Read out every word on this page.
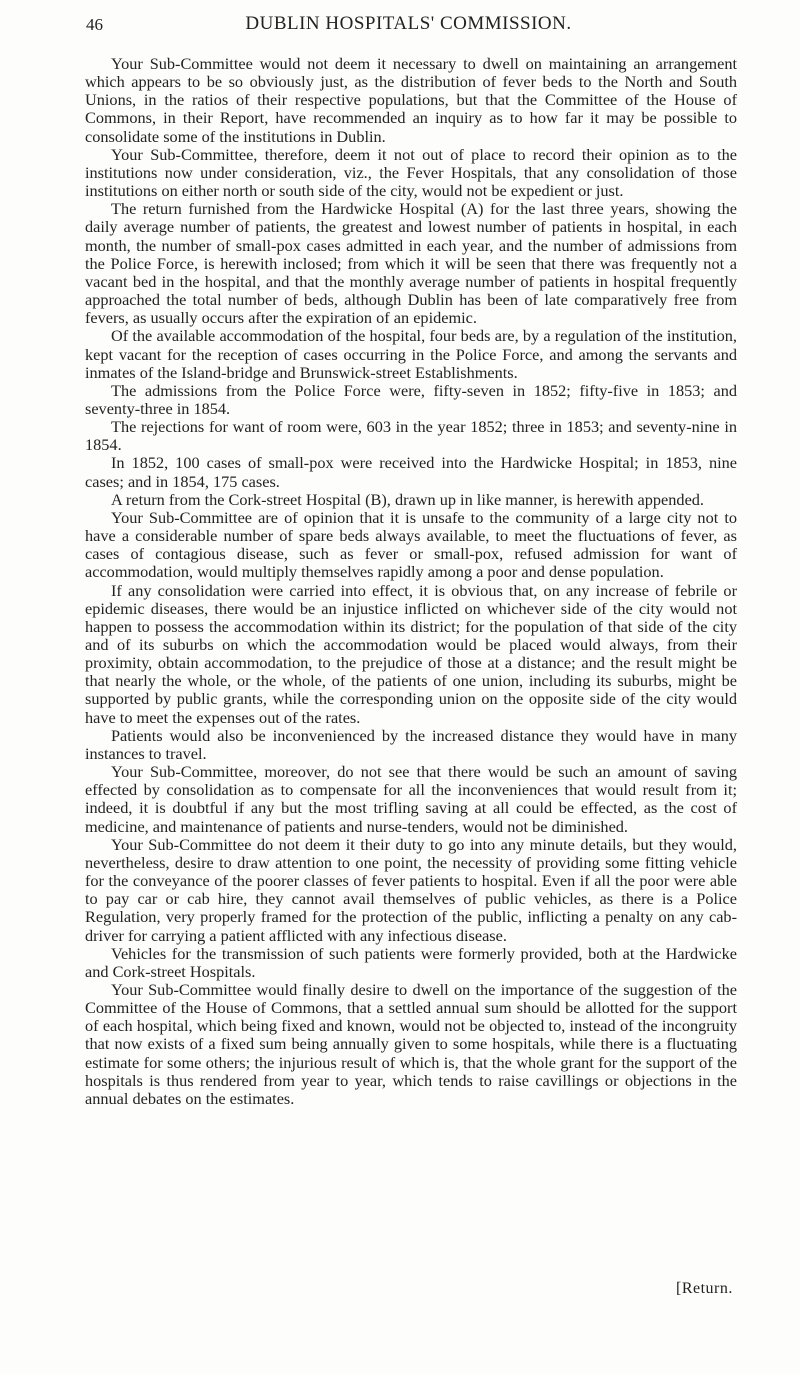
46	DUBLIN HOSPITALS' COMMISSION.

Your Sub-Committee would not deem it necessary to dwell on maintaining an arrangement which appears to be so obviously just, as the distribution of fever beds to the North and South Unions, in the ratios of their respective populations, but that the Committee of the House of Commons, in their Report, have recommended an inquiry as to how far it may be possible to consolidate some of the institutions in Dublin.

Your Sub-Committee, therefore, deem it not out of place to record their opinion as to the institutions now under consideration, viz., the Fever Hospitals, that any consolidation of those institutions on either north or south side of the city, would not be expedient or just.

The return furnished from the Hardwicke Hospital (A) for the last three years, showing the daily average number of patients, the greatest and lowest number of patients in hospital, in each month, the number of small-pox cases admitted in each year, and the number of admissions from the Police Force, is herewith inclosed; from which it will be seen that there was frequently not a vacant bed in the hospital, and that the monthly average number of patients in hospital frequently approached the total number of beds, although Dublin has been of late comparatively free from fevers, as usually occurs after the expiration of an epidemic.

Of the available accommodation of the hospital, four beds are, by a regulation of the institution, kept vacant for the reception of cases occurring in the Police Force, and among the servants and inmates of the Island-bridge and Brunswick-street Establishments.

The admissions from the Police Force were, fifty-seven in 1852; fifty-five in 1853; and seventy-three in 1854.

The rejections for want of room were, 603 in the year 1852; three in 1853; and seventy-nine in 1854.

In 1852, 100 cases of small-pox were received into the Hardwicke Hospital; in 1853, nine cases; and in 1854, 175 cases.

A return from the Cork-street Hospital (B), drawn up in like manner, is herewith appended.

Your Sub-Committee are of opinion that it is unsafe to the community of a large city not to have a considerable number of spare beds always available, to meet the fluctuations of fever, as cases of contagious disease, such as fever or small-pox, refused admission for want of accommodation, would multiply themselves rapidly among a poor and dense population.

If any consolidation were carried into effect, it is obvious that, on any increase of febrile or epidemic diseases, there would be an injustice inflicted on whichever side of the city would not happen to possess the accommodation within its district; for the population of that side of the city and of its suburbs on which the accommodation would be placed would always, from their proximity, obtain accommodation, to the prejudice of those at a distance; and the result might be that nearly the whole, or the whole, of the patients of one union, including its suburbs, might be supported by public grants, while the corresponding union on the opposite side of the city would have to meet the expenses out of the rates.

Patients would also be inconvenienced by the increased distance they would have in many instances to travel.

Your Sub-Committee, moreover, do not see that there would be such an amount of saving effected by consolidation as to compensate for all the inconveniences that would result from it; indeed, it is doubtful if any but the most trifling saving at all could be effected, as the cost of medicine, and maintenance of patients and nurse-tenders, would not be diminished.

Your Sub-Committee do not deem it their duty to go into any minute details, but they would, nevertheless, desire to draw attention to one point, the necessity of providing some fitting vehicle for the conveyance of the poorer classes of fever patients to hospital. Even if all the poor were able to pay car or cab hire, they cannot avail themselves of public vehicles, as there is a Police Regulation, very properly framed for the protection of the public, inflicting a penalty on any cab-driver for carrying a patient afflicted with any infectious disease.

Vehicles for the transmission of such patients were formerly provided, both at the Hardwicke and Cork-street Hospitals.

Your Sub-Committee would finally desire to dwell on the importance of the suggestion of the Committee of the House of Commons, that a settled annual sum should be allotted for the support of each hospital, which being fixed and known, would not be objected to, instead of the incongruity that now exists of a fixed sum being annually given to some hospitals, while there is a fluctuating estimate for some others; the injurious result of which is, that the whole grant for the support of the hospitals is thus rendered from year to year, which tends to raise cavillings or objections in the annual debates on the estimates.

[Return.
